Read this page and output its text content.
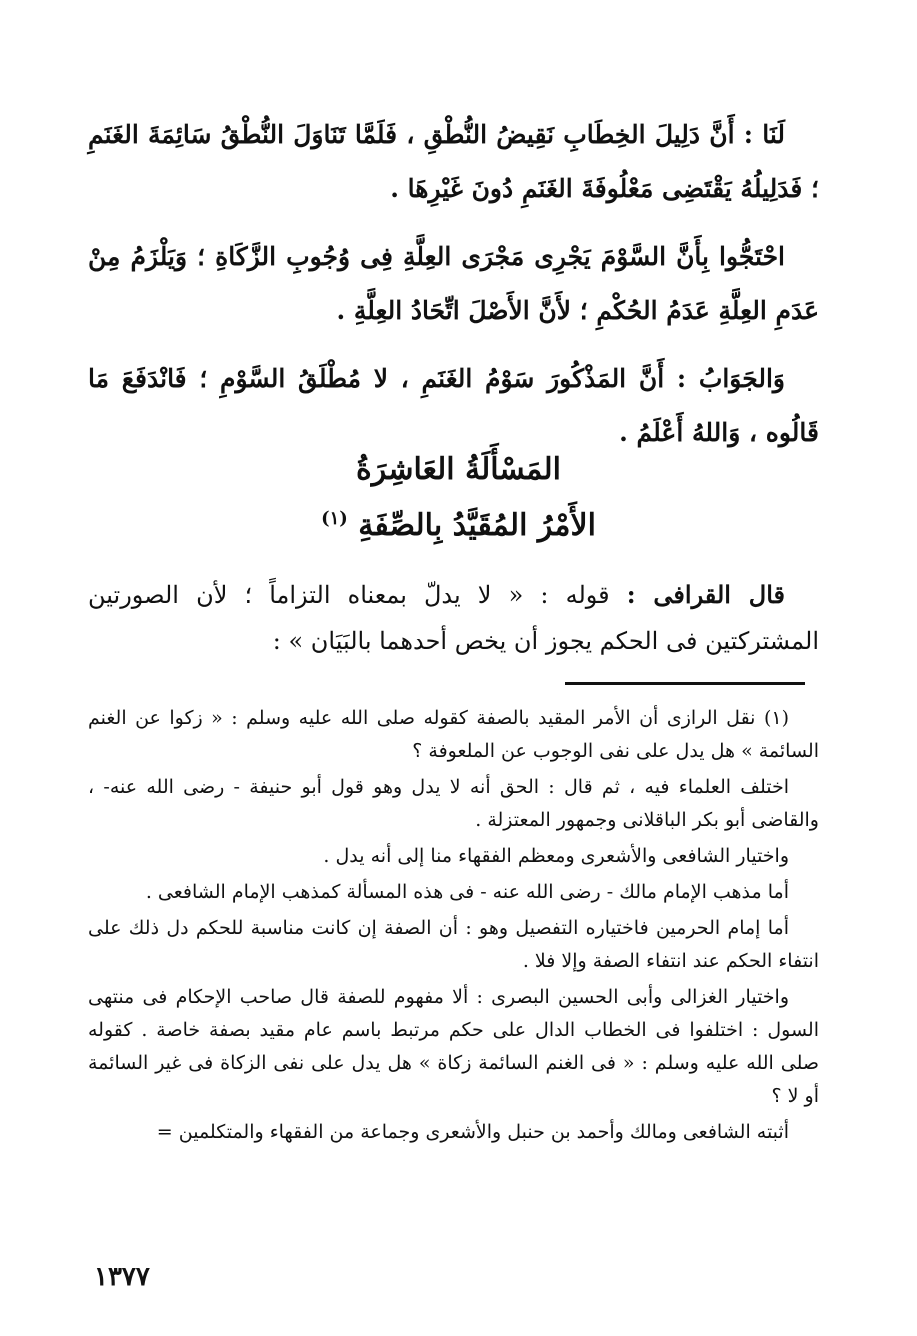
لَنَا : أَنَّ دَلِيلَ الخِطَابِ نَقِيضُ النُّطْقِ ، فَلَمَّا تَنَاوَلَ النُّطْقُ سَائِمَةَ الغَنَمِ ؛ فَدَلِيلُهُ يَقْتَضِى مَعْلُوفَةَ الغَنَمِ دُونَ غَيْرِهَا .

احْتَجُّوا بِأَنَّ السَّوْمَ يَجْرِى مَجْرَى العِلَّةِ فِى وُجُوبِ الزَّكَاةِ ؛ وَيَلْزَمُ مِنْ عَدَمِ العِلَّةِ عَدَمُ الحُكْمِ ؛ لأَنَّ الأَصْلَ اتِّحَادُ العِلَّةِ .

وَالجَوَابُ : أَنَّ المَذْكُورَ سَوْمُ الغَنَمِ ، لا مُطْلَقُ السَّوْمِ ؛ فَانْدَفَعَ مَا قَالُوه ، وَاللهُ أَعْلَمُ .

المَسْأَلَةُ العَاشِرَةُ
الأَمْرُ المُقَيَّدُ بِالصِّفَةِ $^{(١)}$

قال القرافى : قوله : « لا يدلّ بمعناه التزاماً ؛ لأن الصورتين المشتركتين فى الحكم يجوز أن يخص أحدهما بالبَيَان » :

(١) نقل الرازى أن الأمر المقيد بالصفة كقوله صلى الله عليه وسلم : « زكوا عن الغنم السائمة » هل يدل على نفى الوجوب عن الملعوفة ؟

اختلف العلماء فيه ، ثم قال : الحق أنه لا يدل وهو قول أبو حنيفة - رضى الله عنه- ، والقاضى أبو بكر الباقلانى وجمهور المعتزلة .

واختيار الشافعى والأشعرى ومعظم الفقهاء منا إلى أنه يدل .

أما مذهب الإمام مالك - رضى الله عنه - فى هذه المسألة كمذهب الإمام الشافعى .

أما إمام الحرمين فاختياره التفصيل وهو : أن الصفة إن كانت مناسبة للحكم دل ذلك على انتفاء الحكم عند انتفاء الصفة وإلا فلا .

واختيار الغزالى وأبى الحسين البصرى : ألا مفهوم للصفة قال صاحب الإحكام فى منتهى السول : اختلفوا فى الخطاب الدال على حكم مرتبط باسم عام مقيد بصفة خاصة . كقوله صلى الله عليه وسلم : « فى الغنم السائمة زكاة » هل يدل على نفى الزكاة فى غير السائمة أو لا ؟

أثبته الشافعى ومالك وأحمد بن حنبل والأشعرى وجماعة من الفقهاء والمتكلمين =

١٣٧٧
